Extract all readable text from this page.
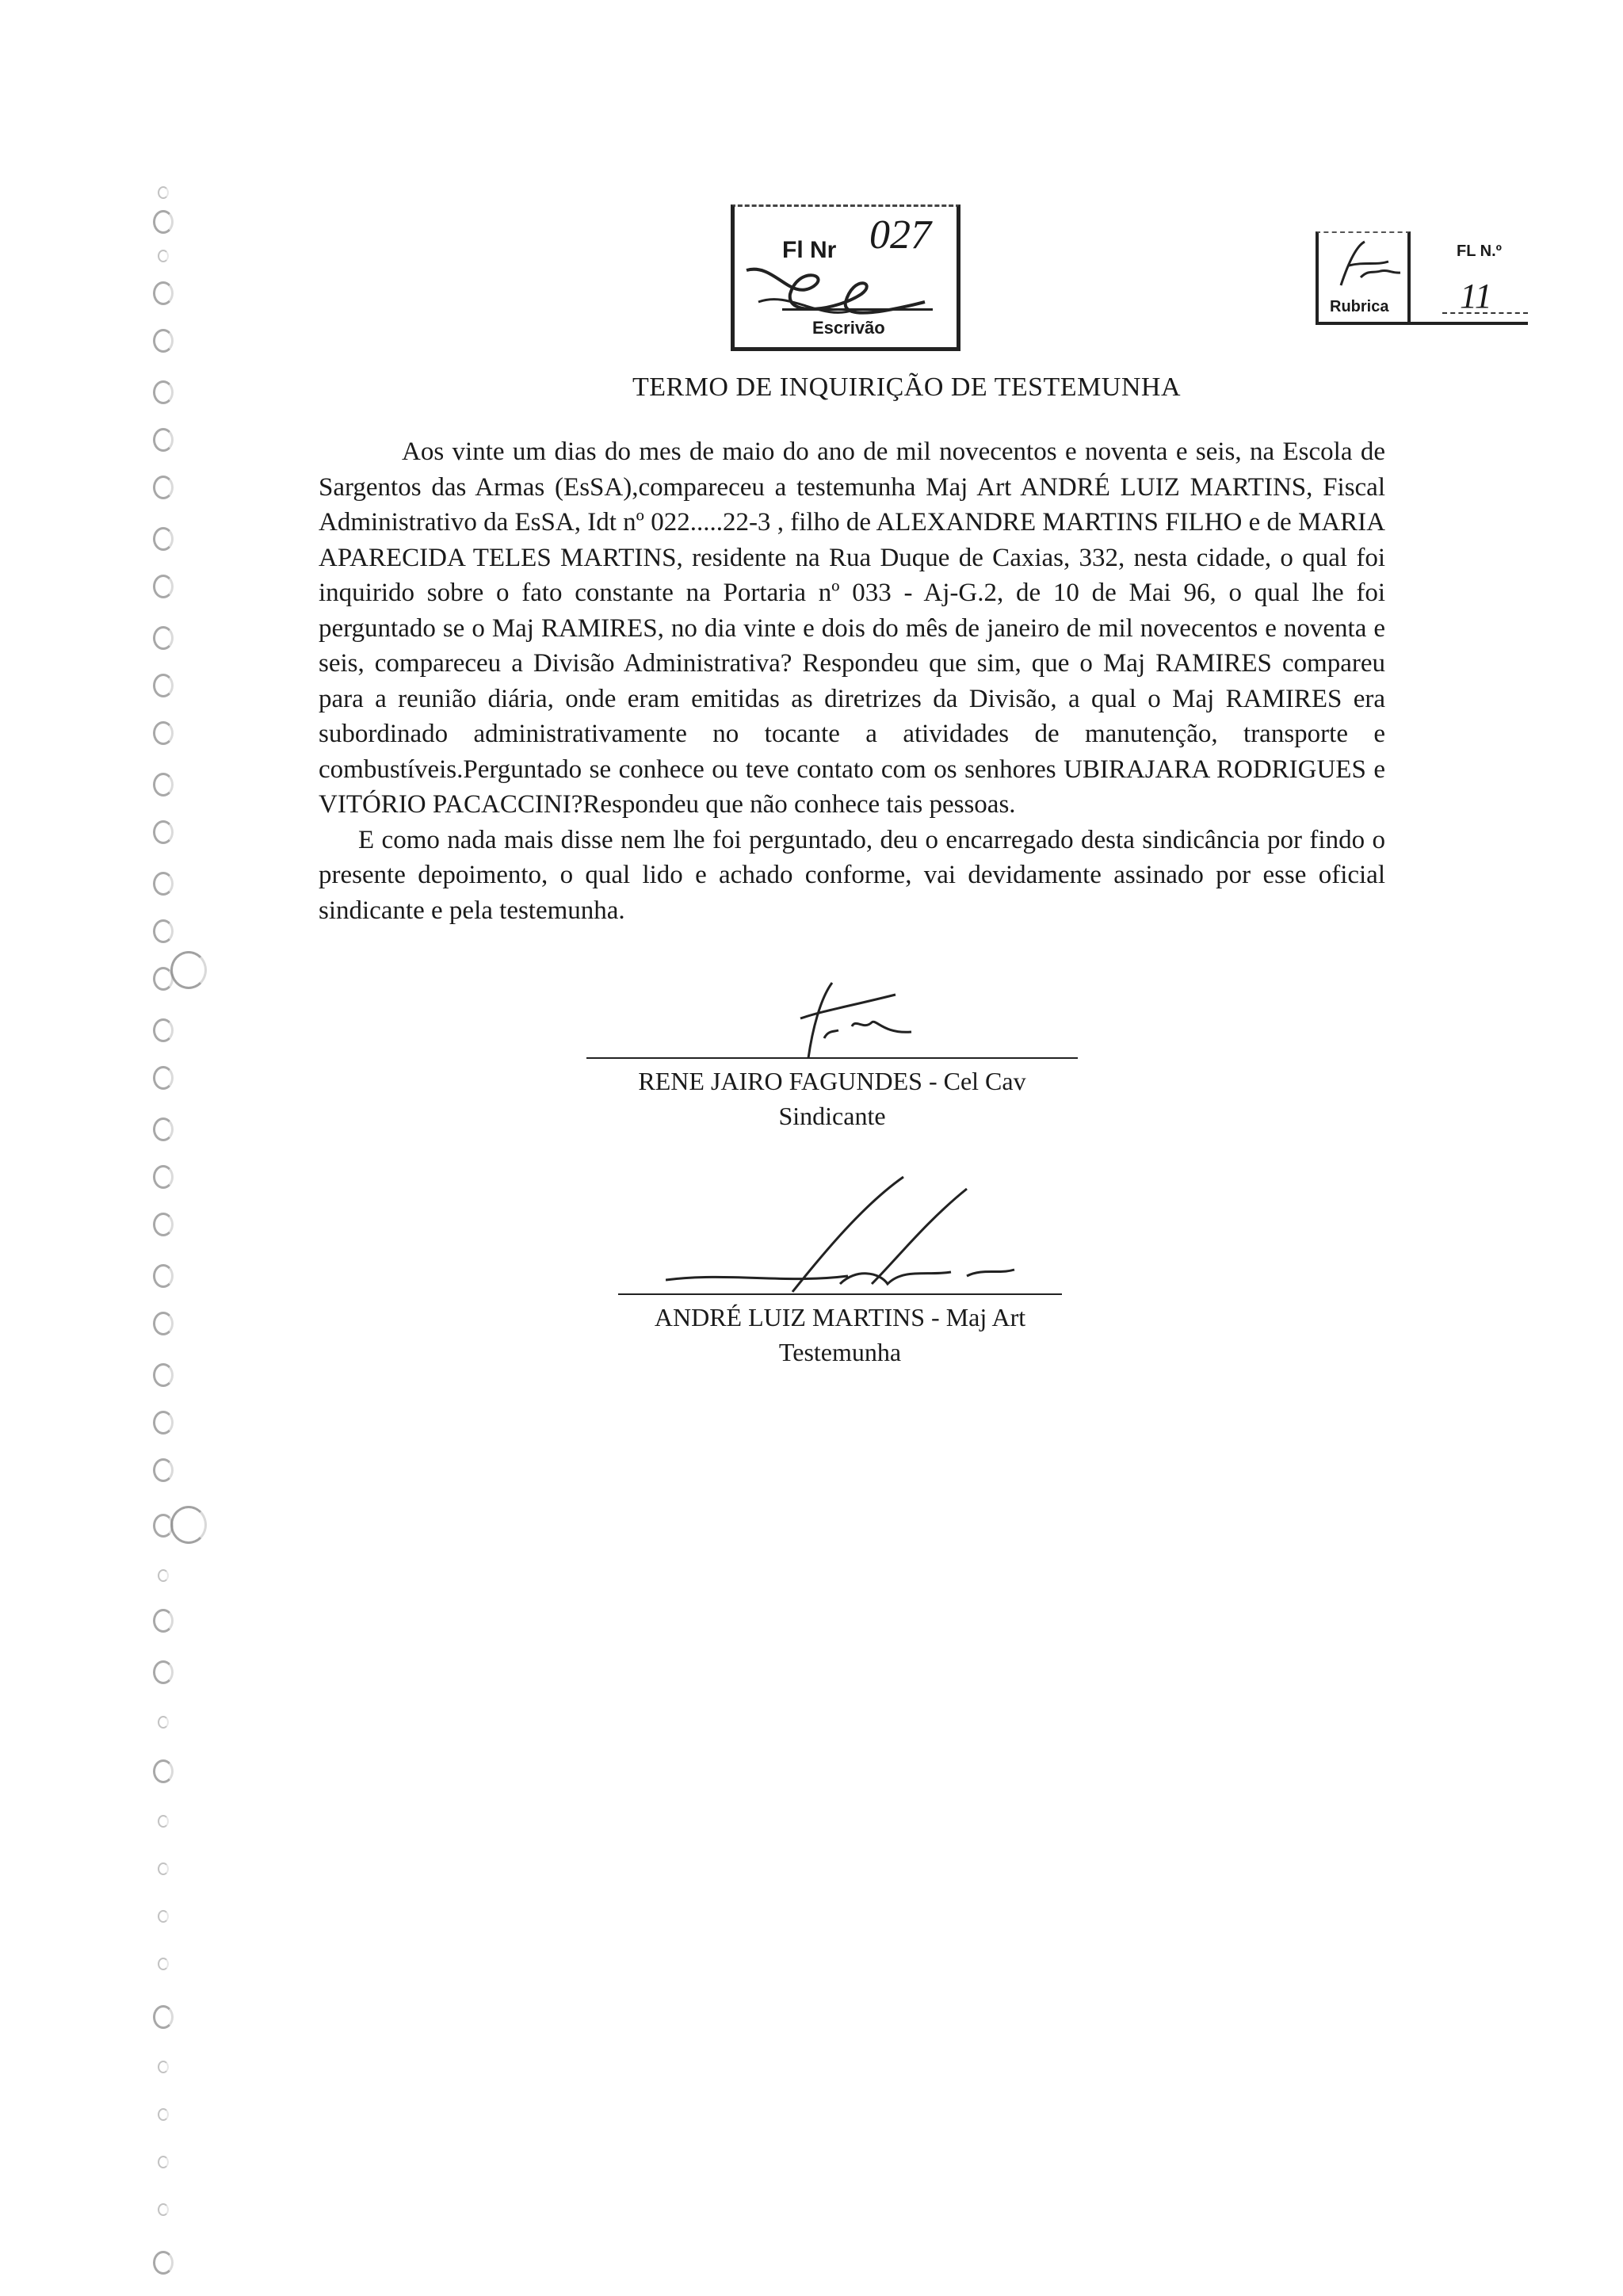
Fl Nr 027
Escrivão
Rubrica
FL N.º
11
TERMO DE INQUIRIÇÃO DE TESTEMUNHA

Aos vinte um dias do mes de maio do ano de mil novecentos e noventa e seis, na Escola de Sargentos das Armas (EsSA),compareceu a testemunha Maj Art ANDRÉ LUIZ MARTINS, Fiscal Administrativo da EsSA, Idt nº 022.....22-3 , filho de ALEXANDRE MARTINS FILHO e de MARIA APARECIDA TELES MARTINS, residente na Rua Duque de Caxias, 332, nesta cidade, o qual foi inquirido sobre o fato constante na Portaria nº 033 - Aj-G.2, de 10 de Mai 96, o qual lhe foi perguntado se o Maj RAMIRES, no dia vinte e dois do mês de janeiro de mil novecentos e noventa e seis, compareceu a Divisão Administrativa? Respondeu que sim, que o Maj RAMIRES compareu para a reunião diária, onde eram emitidas as diretrizes da Divisão, a qual o Maj RAMIRES era subordinado administrativamente no tocante a atividades de manutenção, transporte e combustíveis.Perguntado se conhece ou teve contato com os senhores UBIRAJARA RODRIGUES e VITÓRIO PACACCINI?Respondeu que não conhece tais pessoas.

E como nada mais disse nem lhe foi perguntado, deu o encarregado desta sindicância por findo o presente depoimento, o qual lido e achado conforme, vai devidamente assinado por esse oficial sindicante e pela testemunha.

RENE JAIRO FAGUNDES - Cel Cav
Sindicante
ANDRÉ LUIZ MARTINS - Maj Art
Testemunha
